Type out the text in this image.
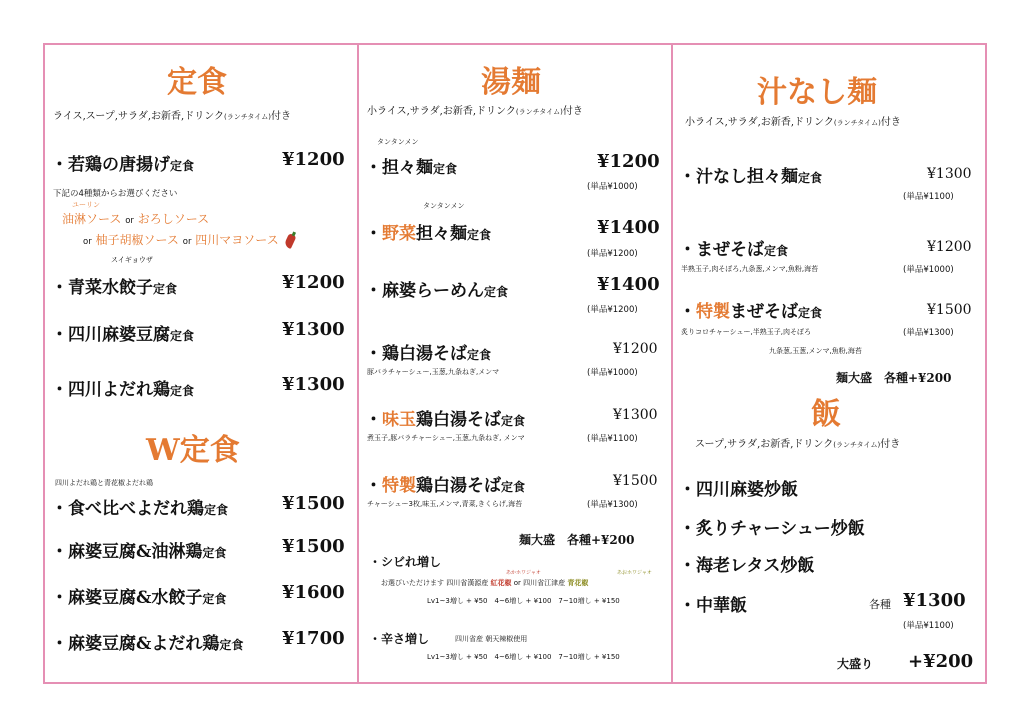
定食
ライス,スープ,サラダ,お新香,ドリンク(ランチタイム)付き
・若鶏の唐揚げ定食	¥1200
下記の4種類からお選びください
ユーリン
油淋ソース or おろしソース
or 柚子胡椒ソース or 四川マヨソース
スイギョウザ
・青菜水餃子定食	¥1200
・四川麻婆豆腐定食	¥1300
・四川よだれ鶏定食	¥1300
W定食
四川よだれ鶏と青花椒よだれ鶏
・食べ比べよだれ鶏定食	¥1500
・麻婆豆腐&油淋鶏定食	¥1500
・麻婆豆腐&水餃子定食	¥1600
・麻婆豆腐&よだれ鶏定食 ¥1700
湯麺
小ライス,サラダ,お新香,ドリンク(ランチタイム)付き
タンタンメン
・担々麺定食	¥1200
(単品¥1000)
タンタンメン
・野菜担々麺定食	¥1400
(単品¥1200)
・麻婆らーめん定食	¥1400
(単品¥1200)
・鶏白湯そば定食	¥1200
豚バラチャーシュー,玉葱,九条ねぎ,メンマ	(単品¥1000)
・味玉鶏白湯そば定食	¥1300
煮玉子,豚バラチャーシュー,玉葱,九条ねぎ, メンマ	(単品¥1100)
・特製鶏白湯そば定食	¥1500
チャーシュー3枚,味玉,メンマ,青菜,きくらげ,海苔	(単品¥1300)
麺大盛　各種+¥200
・シビれ増し
あかホワジャオ	あおホワジャオ
お選びいただけます 四川省漢源産 紅花椒 or 四川省江津産 青花椒
Lv1~3増し + ¥50　4~6増し + ¥100　7~10増し + ¥150
・辛さ増し	四川省産 朝天辣椒使用
Lv1~3増し + ¥50　4~6増し + ¥100　7~10増し + ¥150
汁なし麺
小ライス,サラダ,お新香,ドリンク(ランチタイム)付き
・汁なし担々麺定食	¥1300
(単品¥1100)
・まぜそば定食	¥1200
半熟玉子,肉そぼろ,九条葱,メンマ,魚粉,海苔	(単品¥1000)
・特製まぜそば定食	¥1500
炙りコロチャーシュー,半熟玉子,肉そぼろ	(単品¥1300)
九条葱,玉葱,メンマ,魚粉,海苔
麺大盛　各種+¥200
飯
スープ,サラダ,お新香,ドリンク(ランチタイム)付き
・四川麻婆炒飯
・炙りチャーシュー炒飯
・海老レタス炒飯
・中華飯	各種 ¥1300
(単品¥1100)
大盛り +¥200
